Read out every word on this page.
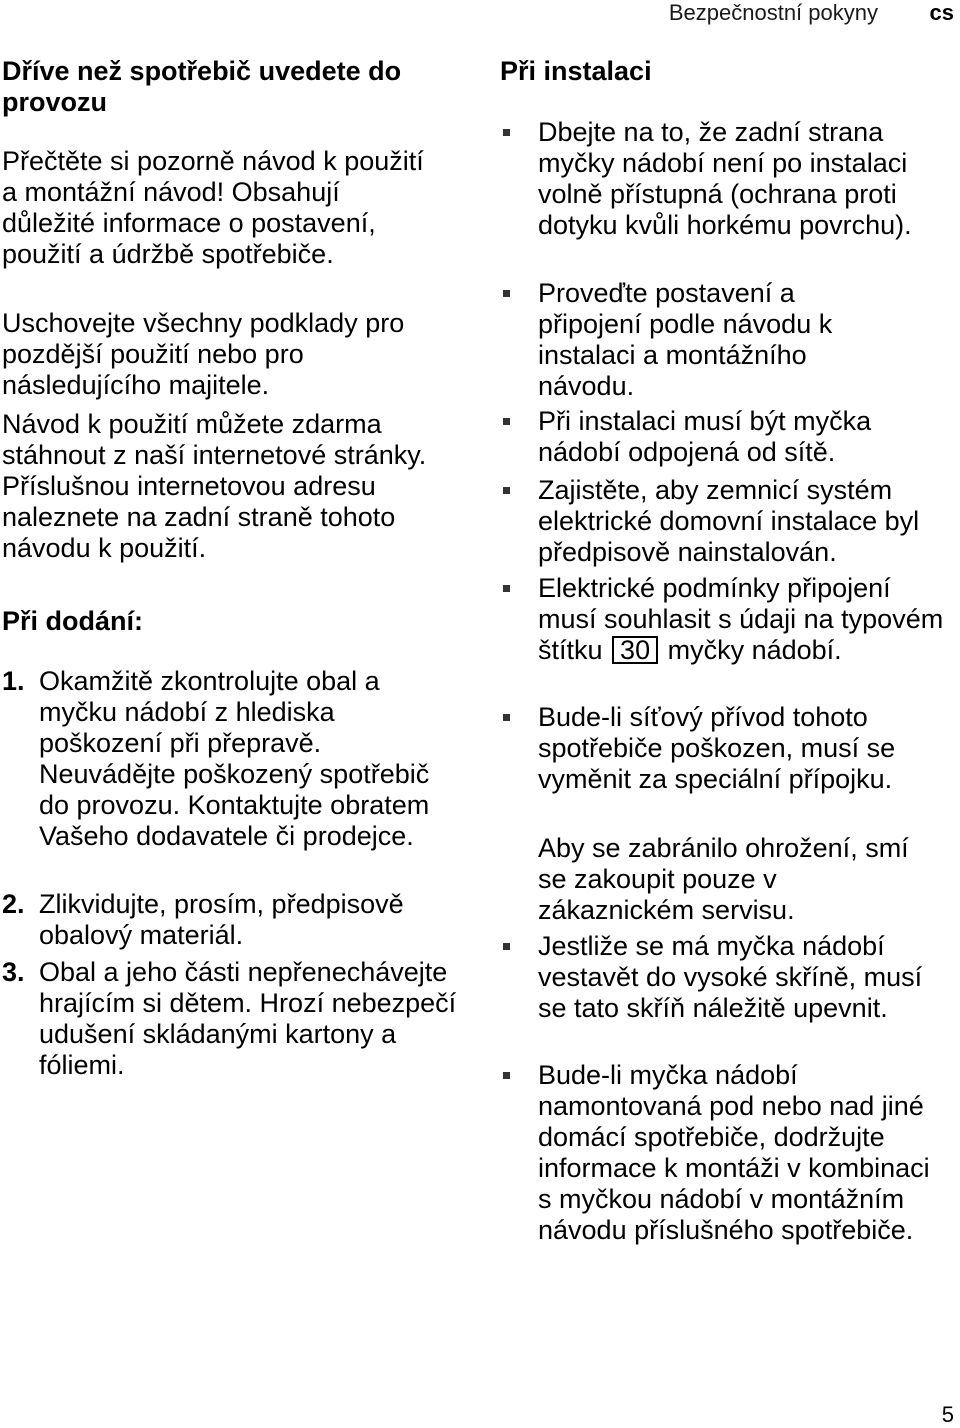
Bezpečnostní pokyny cs
Dříve než spotřebič uvedete do provozu

Přečtěte si pozorně návod k použití a montážní návod! Obsahují důležité informace o postavení, použití a údržbě spotřebiče.

Uschovejte všechny podklady pro pozdější použití nebo pro následujícího majitele.

Návod k použití můžete zdarma stáhnout z naší internetové stránky. Příslušnou internetovou adresu naleznete na zadní straně tohoto návodu k použití.

Při dodání:
1. Okamžitě zkontrolujte obal a myčku nádobí z hlediska poškození při přepravě. Neuvádějte poškozený spotřebič do provozu. Kontaktujte obratem Vašeho dodavatele či prodejce.
2. Zlikvidujte, prosím, předpisově obalový materiál.
3. Obal a jeho části nepřenechávejte hrajícím si dětem. Hrozí nebezpečí udušení skládanými kartony a fóliemi.
Při instalaci
Dbejte na to, že zadní strana myčky nádobí není po instalaci volně přístupná (ochrana proti dotyku kvůli horkému povrchu).
Proveďte postavení a připojení podle návodu k instalaci a montážního návodu.
Při instalaci musí být myčka nádobí odpojená od sítě.
Zajistěte, aby zemnicí systém elektrické domovní instalace byl předpisově nainstalován.
Elektrické podmínky připojení musí souhlasit s údaji na typovém štítku 30 myčky nádobí.
Bude-li síťový přívod tohoto spotřebiče poškozen, musí se vyměnit za speciální přípojku.

Aby se zabránilo ohrožení, smí se zakoupit pouze v zákaznickém servisu.

Jestliže se má myčka nádobí vestavět do vysoké skříně, musí se tato skříň náležitě upevnit.
Bude-li myčka nádobí namontovaná pod nebo nad jiné domácí spotřebiče, dodržujte informace k montáži v kombinaci s myčkou nádobí v montážním návodu příslušného spotřebiče.
5
